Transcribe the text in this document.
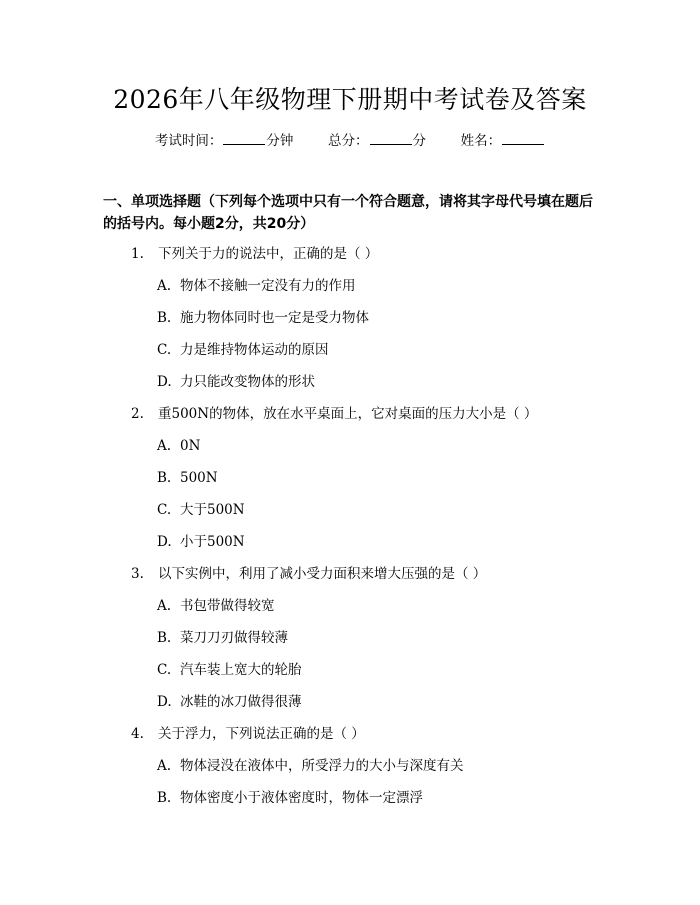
2026年八年级物理下册期中考试卷及答案
考试时间：	分钟	总分：	分	姓名：
一、单项选择题（下列每个选项中只有一个符合题意，请将其字母代号填在题后的括号内。每小题2分，共20分）
1. 下列关于力的说法中，正确的是（ ）
A. 物体不接触一定没有力的作用
B. 施力物体同时也一定是受力物体
C. 力是维持物体运动的原因
D. 力只能改变物体的形状
2. 重500N的物体，放在水平桌面上，它对桌面的压力大小是（ ）
A. 0N
B. 500N
C. 大于500N
D. 小于500N
3. 以下实例中，利用了减小受力面积来增大压强的是（ ）
A. 书包带做得较宽
B. 菜刀刀刃做得较薄
C. 汽车装上宽大的轮胎
D. 冰鞋的冰刀做得很薄
4. 关于浮力，下列说法正确的是（ ）
A. 物体浸没在液体中，所受浮力的大小与深度有关
B. 物体密度小于液体密度时，物体一定漂浮
